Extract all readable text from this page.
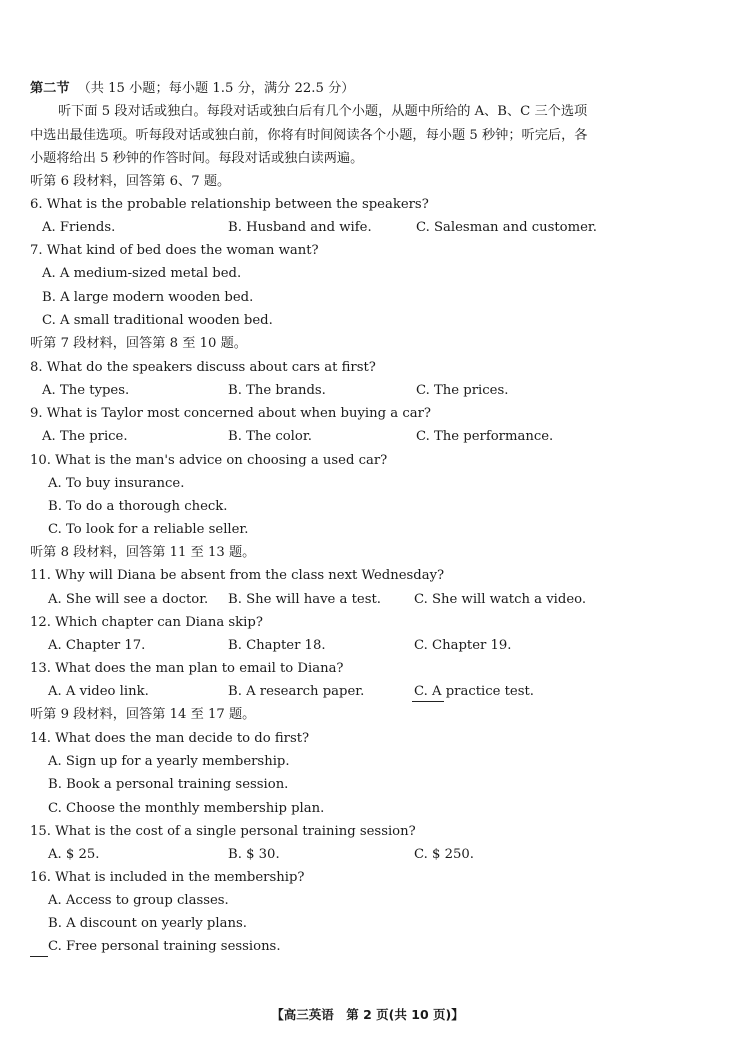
第二节 （共 15 小题；每小题 1.5 分，满分 22.5 分）
听下面 5 段对话或独白。每段对话或独白后有几个小题，从题中所给的 A、B、C 三个选项
中选出最佳选项。听每段对话或独白前，你将有时间阅读各个小题，每小题 5 秒钟；听完后，各
小题将给出 5 秒钟的作答时间。每段对话或独白读两遍。
听第 6 段材料，回答第 6、7 题。
6. What is the probable relationship between the speakers?
A. Friends.	B. Husband and wife.	C. Salesman and customer.
7. What kind of bed does the woman want?
A. A medium-sized metal bed.
B. A large modern wooden bed.
C. A small traditional wooden bed.
听第 7 段材料，回答第 8 至 10 题。
8. What do the speakers discuss about cars at first?
A. The types.	B. The brands.	C. The prices.
9. What is Taylor most concerned about when buying a car?
A. The price.	B. The color.	C. The performance.
10. What is the man's advice on choosing a used car?
A. To buy insurance.
B. To do a thorough check.
C. To look for a reliable seller.
听第 8 段材料，回答第 11 至 13 题。
11. Why will Diana be absent from the class next Wednesday?
A. She will see a doctor. B. She will have a test.	C. She will watch a video.
12. Which chapter can Diana skip?
A. Chapter 17.	B. Chapter 18.	C. Chapter 19.
13. What does the man plan to email to Diana?
A. A video link.	B. A research paper.	C. A practice test.
听第 9 段材料，回答第 14 至 17 题。
14. What does the man decide to do first?
A. Sign up for a yearly membership.
B. Book a personal training session.
C. Choose the monthly membership plan.
15. What is the cost of a single personal training session?
A. $ 25.	B. $ 30.	C. $ 250.
16. What is included in the membership?
A. Access to group classes.
B. A discount on yearly plans.
C. Free personal training sessions.
【高三英语　第 2 页(共 10 页)】
